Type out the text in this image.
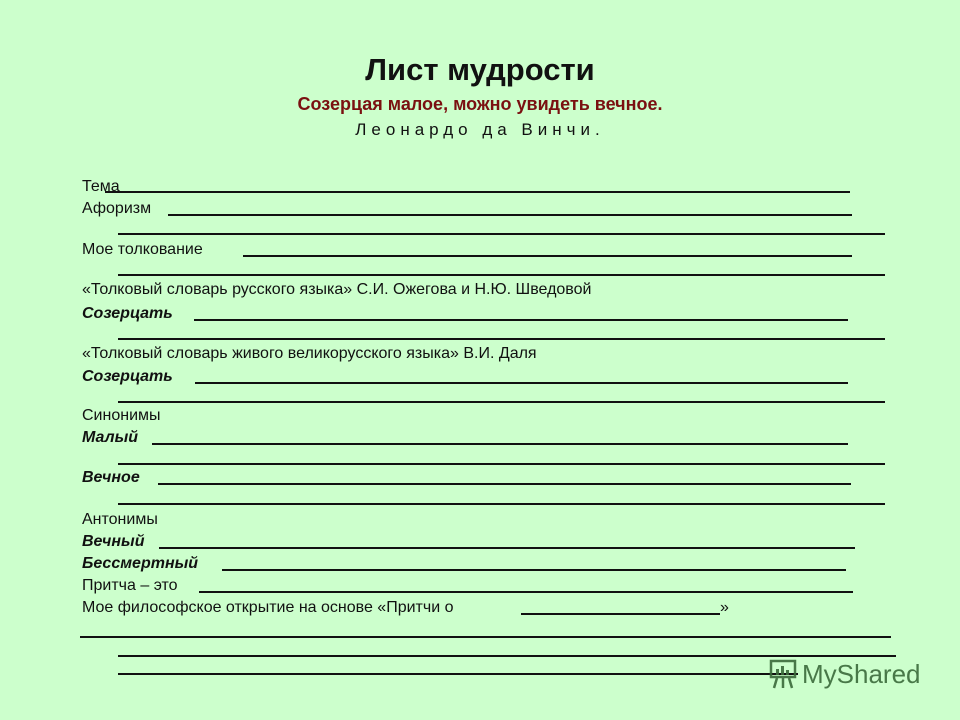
Лист мудрости
Созерцая малое, можно увидеть вечное.
Леонардо да Винчи.
Тема
Афоризм
Мое толкование
«Толковый словарь русского языка» С.И. Ожегова и Н.Ю. Шведовой
Созерцать
«Толковый словарь живого великорусского языка» В.И. Даля
Созерцать
Синонимы
Малый
Вечное
Антонимы
Вечный
Бессмертный
Притча – это
Мое философское открытие на основе «Притчи о	»
MyShared
